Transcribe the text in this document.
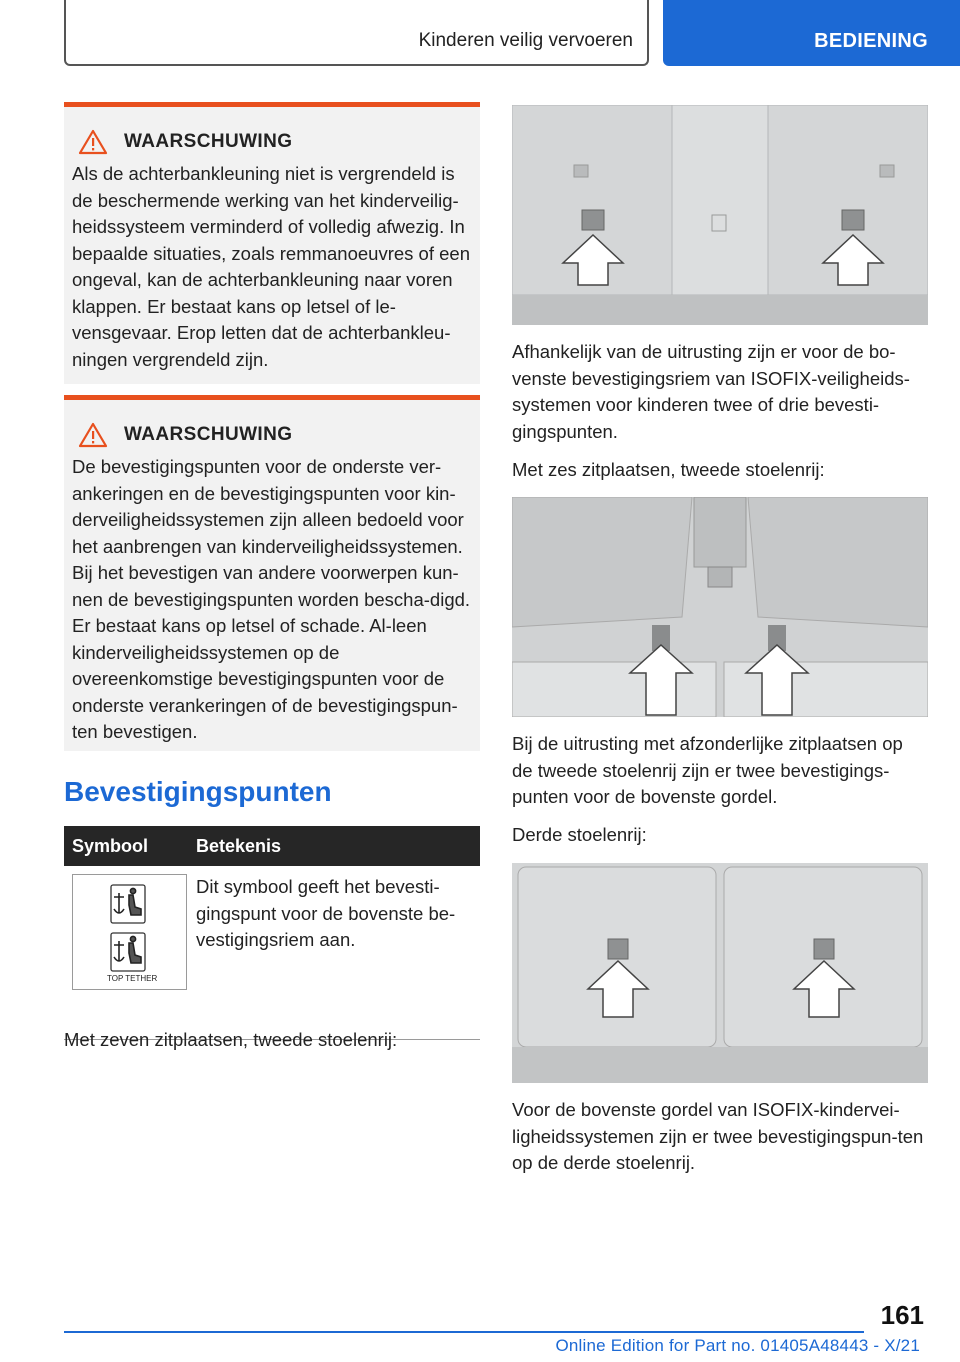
Kinderen veilig vervoeren	BEDIENING
WAARSCHUWING

Als de achterbankleuning niet is vergrendeld is de beschermende werking van het kinderveilig-heidssysteem verminderd of volledig afwezig. In bepaalde situaties, zoals remmanoeuvres of een ongeval, kan de achterbankleuning naar voren klappen. Er bestaat kans op letsel of le-vensgevaar. Erop letten dat de achterbankleu-ningen vergrendeld zijn.

WAARSCHUWING

De bevestigingspunten voor de onderste ver-ankeringen en de bevestigingspunten voor kin-derveiligheidssystemen zijn alleen bedoeld voor het aanbrengen van kinderveiligheidssystemen. Bij het bevestigen van andere voorwerpen kun-nen de bevestigingspunten worden bescha-digd. Er bestaat kans op letsel of schade. Al-leen kinderveiligheidssystemen op de overeenkomstige bevestigingspunten voor de onderste verankeringen of de bevestigingspun-ten bevestigen.

Bevestigingspunten
Symbool	Betekenis
TOP TETHER
Dit symbool geeft het bevesti-gingspunt voor de bovenste be-vestigingsriem aan.
Met zeven zitplaatsen, tweede stoelenrij:
Afhankelijk van de uitrusting zijn er voor de bo-venste bevestigingsriem van ISOFIX-veiligheids-systemen voor kinderen twee of drie bevesti-gingspunten.
Met zes zitplaatsen, tweede stoelenrij:
Bij de uitrusting met afzonderlijke zitplaatsen op de tweede stoelenrij zijn er twee bevestigings-punten voor de bovenste gordel.
Derde stoelenrij:
Voor de bovenste gordel van ISOFIX-kindervei-ligheidssystemen zijn er twee bevestigingspun-ten op de derde stoelenrij.
161
Online Edition for Part no. 01405A48443 - X/21
